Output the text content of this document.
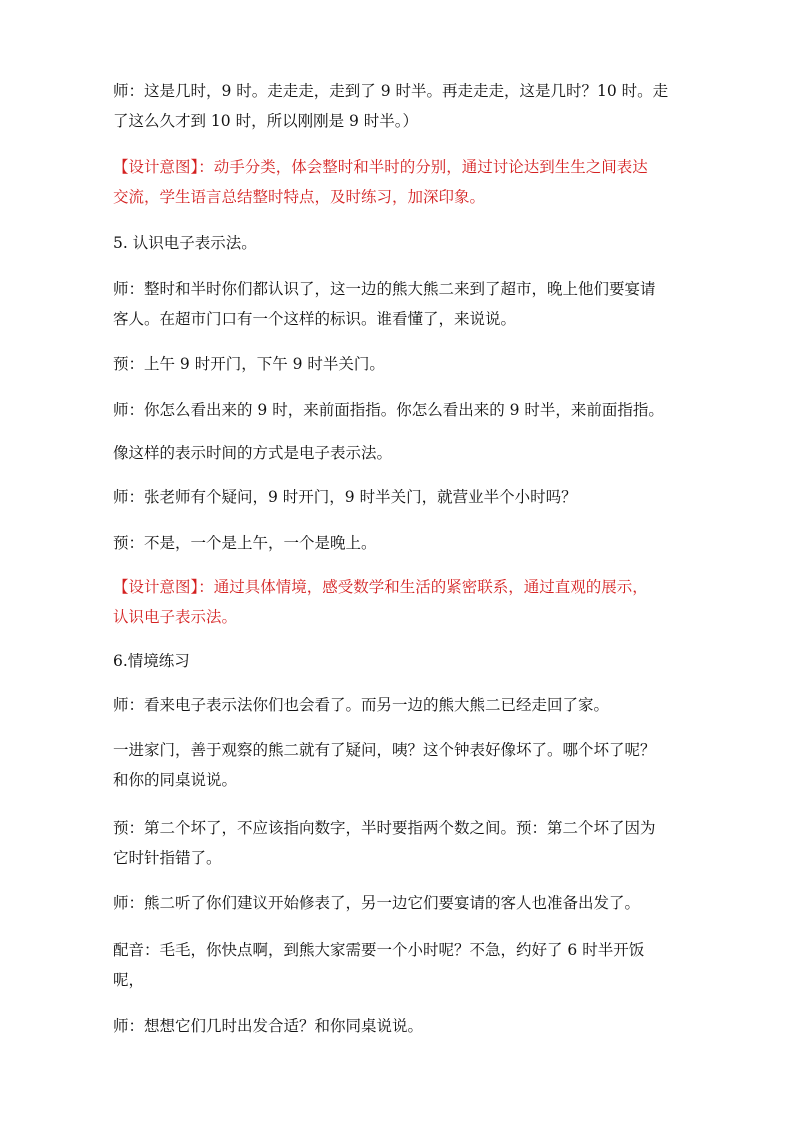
师：这是几时，9 时。走走走，走到了 9 时半。再走走走，这是几时？10 时。走
了这么久才到 10 时，所以刚刚是 9 时半。）

【设计意图】：动手分类，体会整时和半时的分别，通过讨论达到生生之间表达
交流，学生语言总结整时特点，及时练习，加深印象。

5. 认识电子表示法。

师：整时和半时你们都认识了，这一边的熊大熊二来到了超市，晚上他们要宴请
客人。在超市门口有一个这样的标识。谁看懂了，来说说。

预：上午 9 时开门，下午 9 时半关门。

师：你怎么看出来的 9 时，来前面指指。你怎么看出来的 9 时半，来前面指指。

像这样的表示时间的方式是电子表示法。

师：张老师有个疑问，9 时开门，9 时半关门，就营业半个小时吗？

预：不是，一个是上午，一个是晚上。

【设计意图】：通过具体情境，感受数学和生活的紧密联系，通过直观的展示，
认识电子表示法。

6.情境练习

师：看来电子表示法你们也会看了。而另一边的熊大熊二已经走回了家。

一进家门，善于观察的熊二就有了疑问，咦？这个钟表好像坏了。哪个坏了呢？
和你的同桌说说。

预：第二个坏了，不应该指向数字，半时要指两个数之间。预：第二个坏了因为
它时针指错了。

师：熊二听了你们建议开始修表了，另一边它们要宴请的客人也准备出发了。

配音：毛毛，你快点啊，到熊大家需要一个小时呢？不急，约好了 6 时半开饭
呢，

师：想想它们几时出发合适？和你同桌说说。
